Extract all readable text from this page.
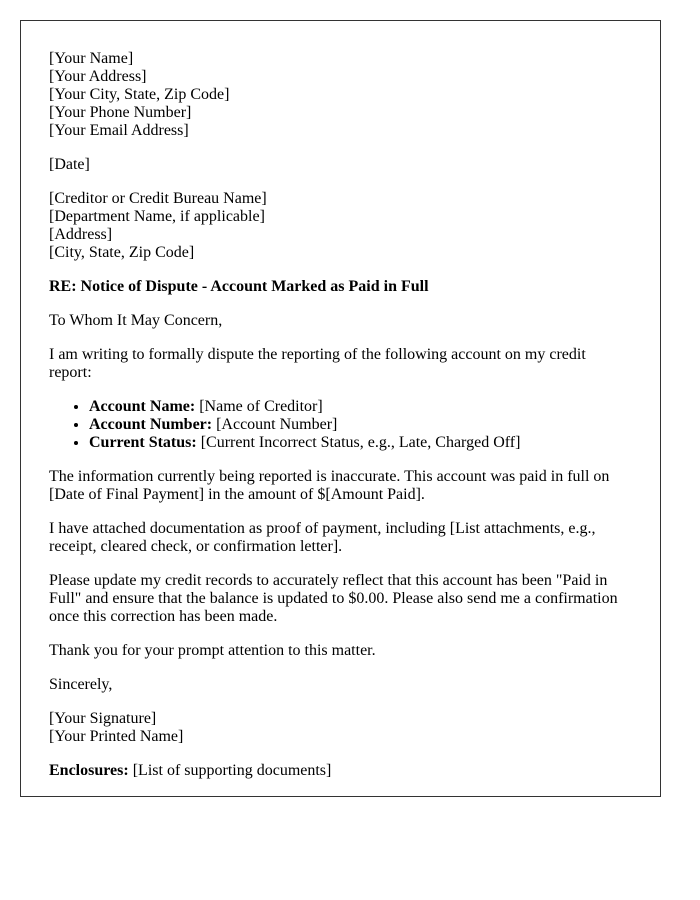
[Your Name]
[Your Address]
[Your City, State, Zip Code]
[Your Phone Number]
[Your Email Address]

[Date]

[Creditor or Credit Bureau Name]
[Department Name, if applicable]
[Address]
[City, State, Zip Code]
RE: Notice of Dispute - Account Marked as Paid in Full

To Whom It May Concern,

I am writing to formally dispute the reporting of the following account on my credit report:

• Account Name: [Name of Creditor]
• Account Number: [Account Number]
• Current Status: [Current Incorrect Status, e.g., Late, Charged Off]

The information currently being reported is inaccurate. This account was paid in full on [Date of Final Payment] in the amount of $[Amount Paid].

I have attached documentation as proof of payment, including [List attachments, e.g., receipt, cleared check, or confirmation letter].

Please update my credit records to accurately reflect that this account has been "Paid in Full" and ensure that the balance is updated to $0.00. Please also send me a confirmation once this correction has been made.

Thank you for your prompt attention to this matter.

Sincerely,

[Your Signature]
[Your Printed Name]

Enclosures: [List of supporting documents]
